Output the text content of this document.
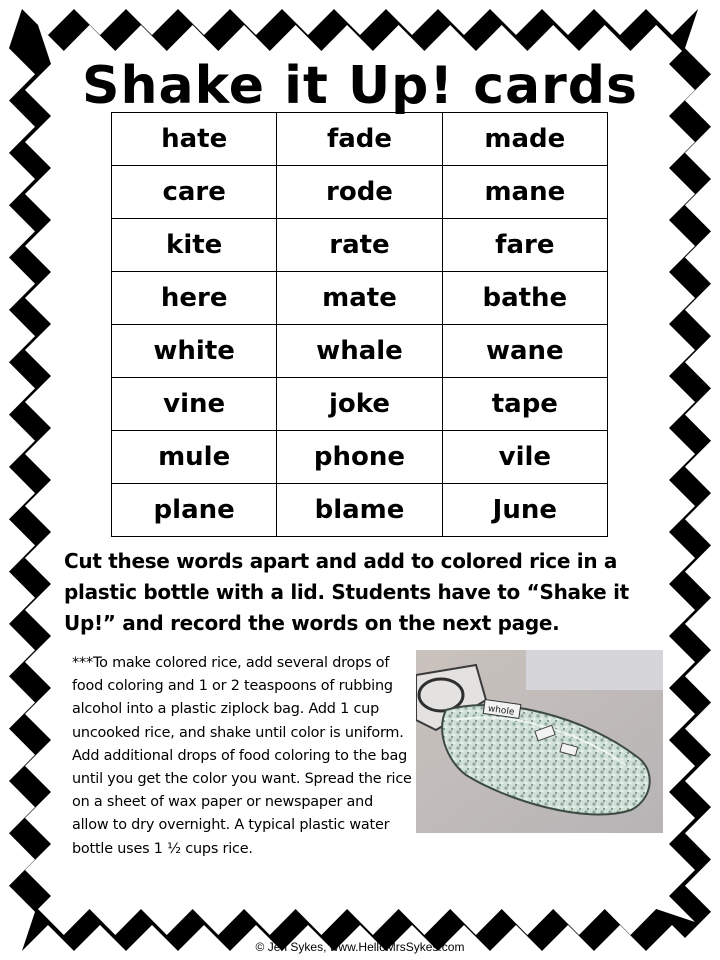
Shake it Up! cards
hate	fade	made
care	rode	mane
kite	rate	fare
here	mate	bathe
white	whale	wane
vine	joke	tape
mule	phone	vile
plane	blame	June
Cut these words apart and add to colored rice in a plastic bottle with a lid. Students have to “Shake it Up!” and record the words on the next page.
***To make colored rice, add several drops of food coloring and 1 or 2 teaspoons of rubbing alcohol into a plastic ziplock bag. Add 1 cup uncooked rice, and shake until color is uniform. Add additional drops of food coloring to the bag until you get the color you want. Spread the rice on a sheet of wax paper or newspaper and allow to dry overnight. A typical plastic water bottle uses 1 ½ cups rice.
whole
© Jen Sykes, www.HelloMrsSykes.com
